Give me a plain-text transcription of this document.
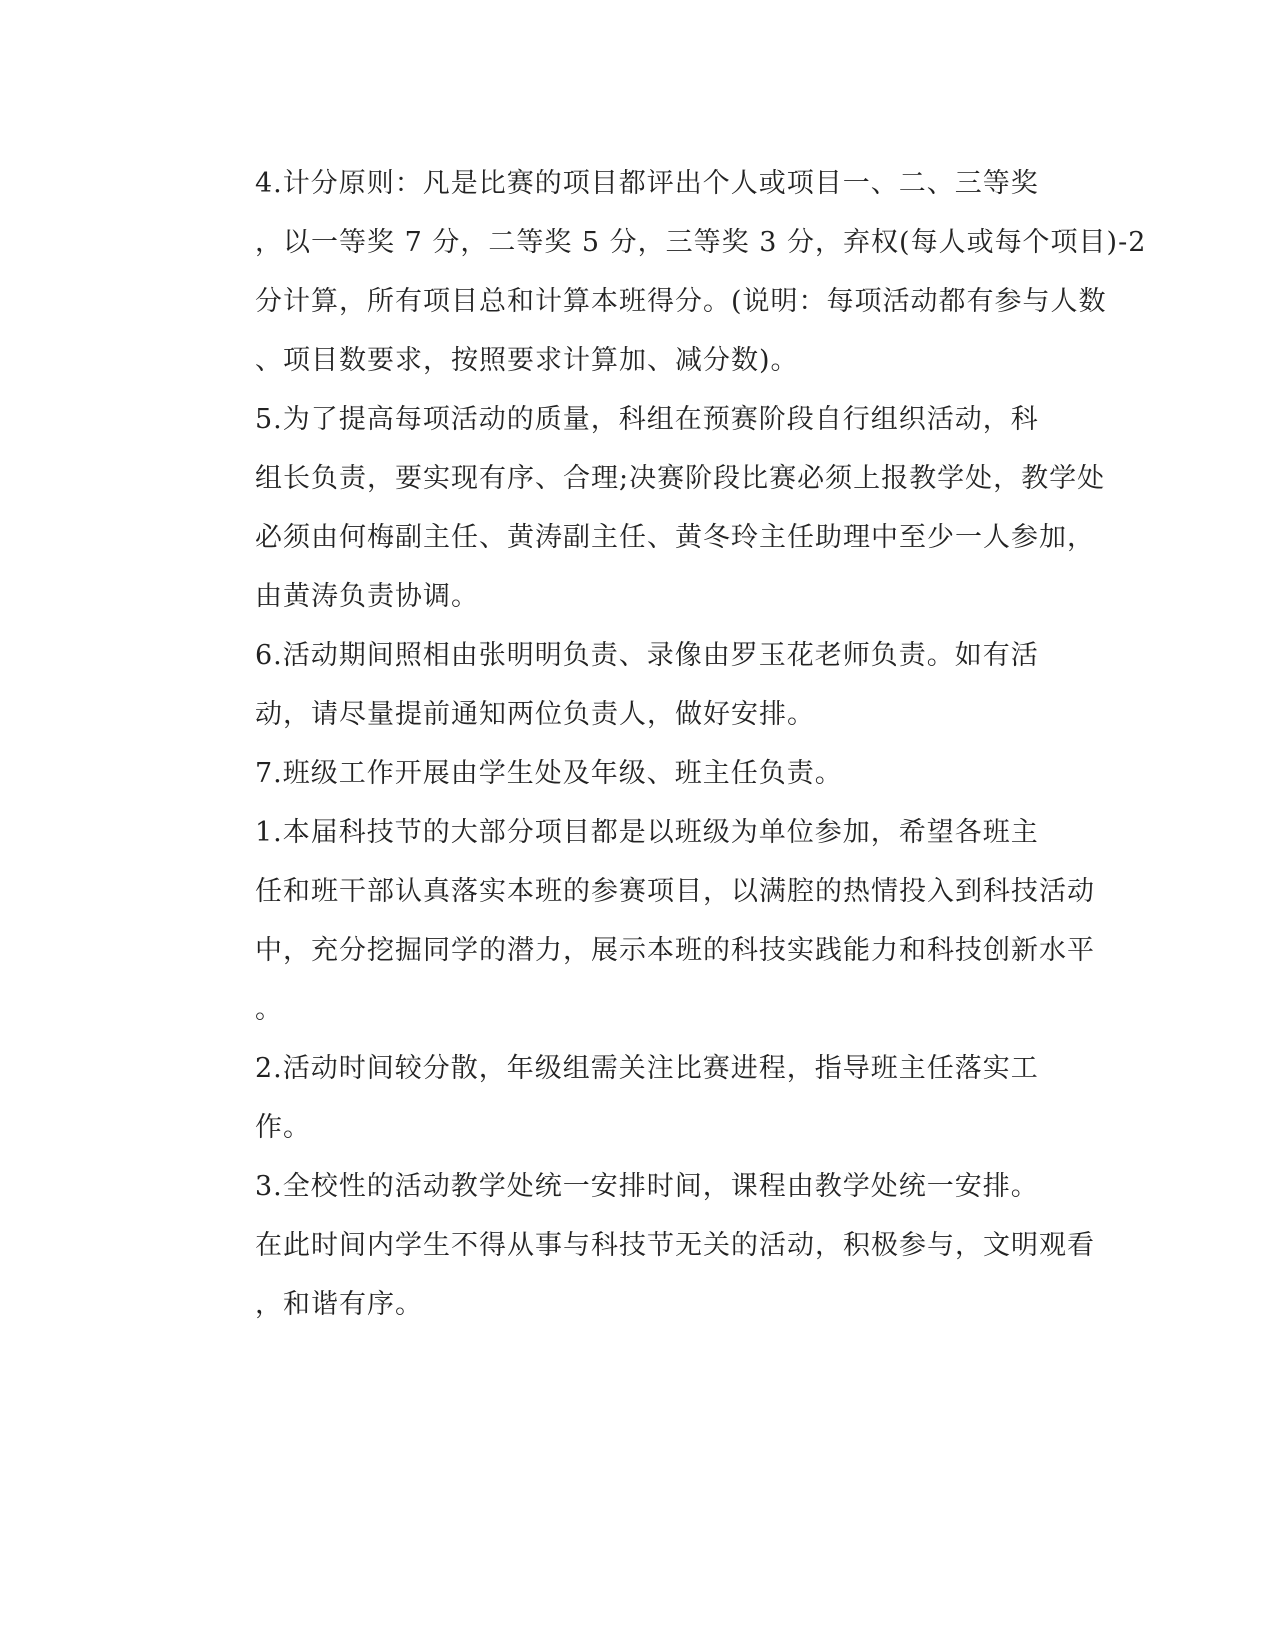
4.计分原则：凡是比赛的项目都评出个人或项目一、二、三等奖
，以一等奖 7 分，二等奖 5 分，三等奖 3 分，弃权(每人或每个项目)-2
分计算，所有项目总和计算本班得分。(说明：每项活动都有参与人数
、项目数要求，按照要求计算加、减分数)。

5.为了提高每项活动的质量，科组在预赛阶段自行组织活动，科
组长负责，要实现有序、合理;决赛阶段比赛必须上报教学处，教学处
必须由何梅副主任、黄涛副主任、黄冬玲主任助理中至少一人参加，
由黄涛负责协调。

6.活动期间照相由张明明负责、录像由罗玉花老师负责。如有活
动，请尽量提前通知两位负责人，做好安排。

7.班级工作开展由学生处及年级、班主任负责。

1.本届科技节的大部分项目都是以班级为单位参加，希望各班主
任和班干部认真落实本班的参赛项目，以满腔的热情投入到科技活动
中，充分挖掘同学的潜力，展示本班的科技实践能力和科技创新水平
。

2.活动时间较分散，年级组需关注比赛进程，指导班主任落实工
作。

3.全校性的活动教学处统一安排时间，课程由教学处统一安排。
在此时间内学生不得从事与科技节无关的活动，积极参与，文明观看
，和谐有序。
